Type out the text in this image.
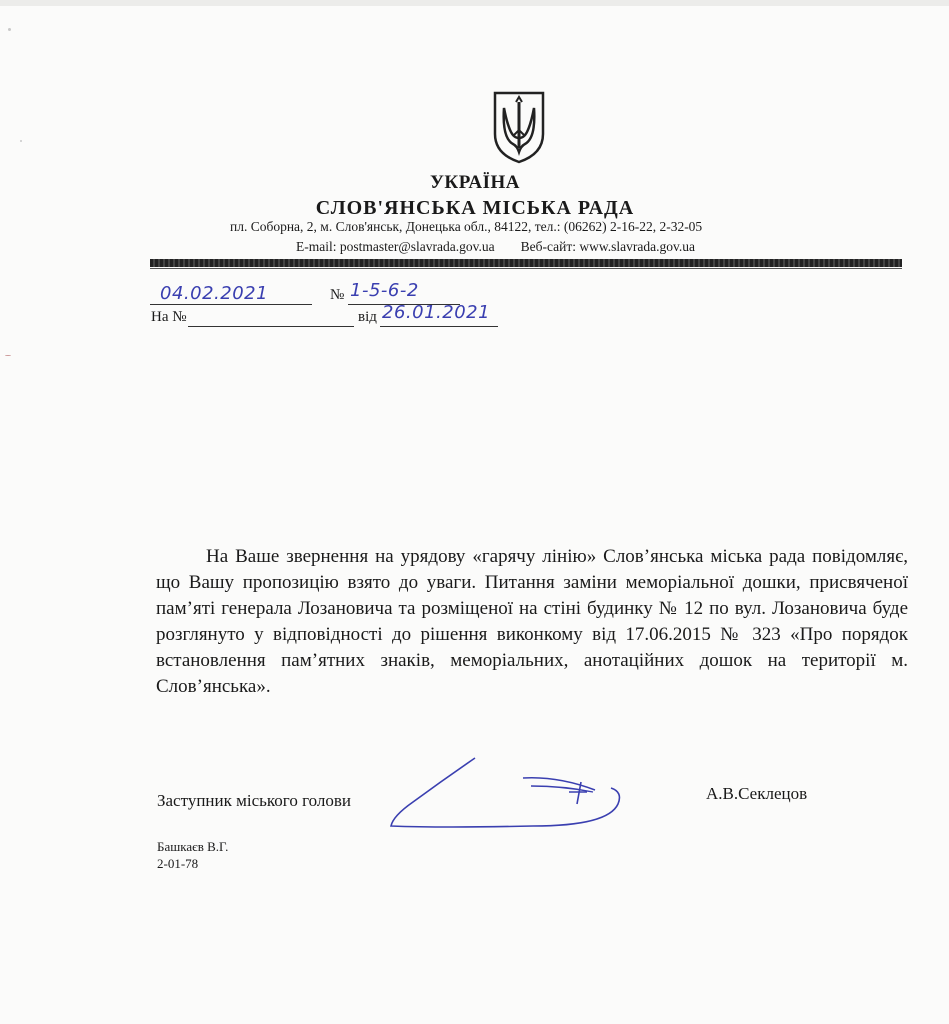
УКРАЇНА
СЛОВ'ЯНСЬКА МІСЬКА РАДА
пл. Соборна, 2, м. Слов'янськ, Донецька обл., 84122, тел.: (06262) 2-16-22, 2-32-05
E-mail: postmaster@slavrada.gov.ua Веб-сайт: www.slavrada.gov.ua
04.02.2021	№ 1-5-6-2
На №	від 26.01.2021
На Ваше звернення на урядову «гарячу лінію» Слов’янська міська рада повідомляє, що Вашу пропозицію взято до уваги. Питання заміни меморіальної дошки, присвяченої пам’яті генерала Лозановича та розміщеної на стіні будинку № 12 по вул. Лозановича буде розглянуто у відповідності до рішення виконкому від 17.06.2015 № 323 «Про порядок встановлення пам’ятних знаків, меморіальних, анотаційних дошок на території м. Слов’янська».
Заступник міського голови	А.В.Секлецов
Башкаєв В.Г.
2-01-78
